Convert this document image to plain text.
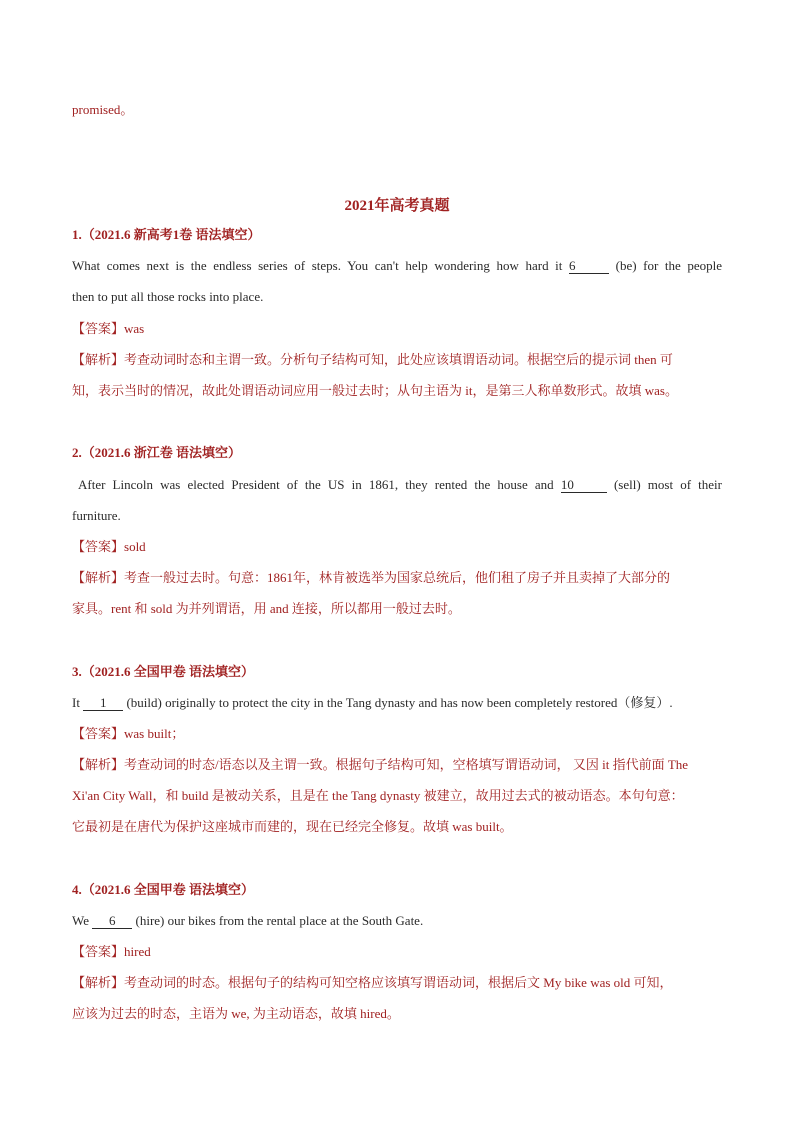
promised。
2021年高考真题
1.（2021.6 新高考1卷 语法填空）
What comes next is the endless series of steps. You can't help wondering how hard it 6	(be) for the people
then to put all those rocks into place.
【答案】was
【解析】考查动词时态和主谓一致。分析句子结构可知，此处应该填谓语动词。根据空后的提示词 then 可
知，表示当时的情况，故此处谓语动词应用一般过去时；从句主语为 it，是第三人称单数形式。故填 was。
2.（2021.6 浙江卷 语法填空）
After Lincoln was elected President of the US in 1861, they rented the house and 10	(sell) most of their
furniture.
【答案】sold
【解析】考查一般过去时。句意：1861年，林肯被选举为国家总统后，他们租了房子并且卖掉了大部分的
家具。rent 和 sold 为并列谓语，用 and 连接，所以都用一般过去时。
3.（2021.6 全国甲卷 语法填空）
It 1 (build) originally to protect the city in the Tang dynasty and has now been completely restored（修复）.
【答案】was built；
【解析】考查动词的时态/语态以及主谓一致。根据句子结构可知，空格填写谓语动词， 又因 it 指代前面 The
Xi'an City Wall，和 build 是被动关系，且是在 the Tang dynasty 被建立，故用过去式的被动语态。本句句意：
它最初是在唐代为保护这座城市而建的，现在已经完全修复。故填 was built。
4.（2021.6 全国甲卷 语法填空）
We 6 (hire) our bikes from the rental place at the South Gate.
【答案】hired
【解析】考查动词的时态。根据句子的结构可知空格应该填写谓语动词，根据后文 My bike was old 可知，
应该为过去的时态，主语为 we, 为主动语态，故填 hired。
